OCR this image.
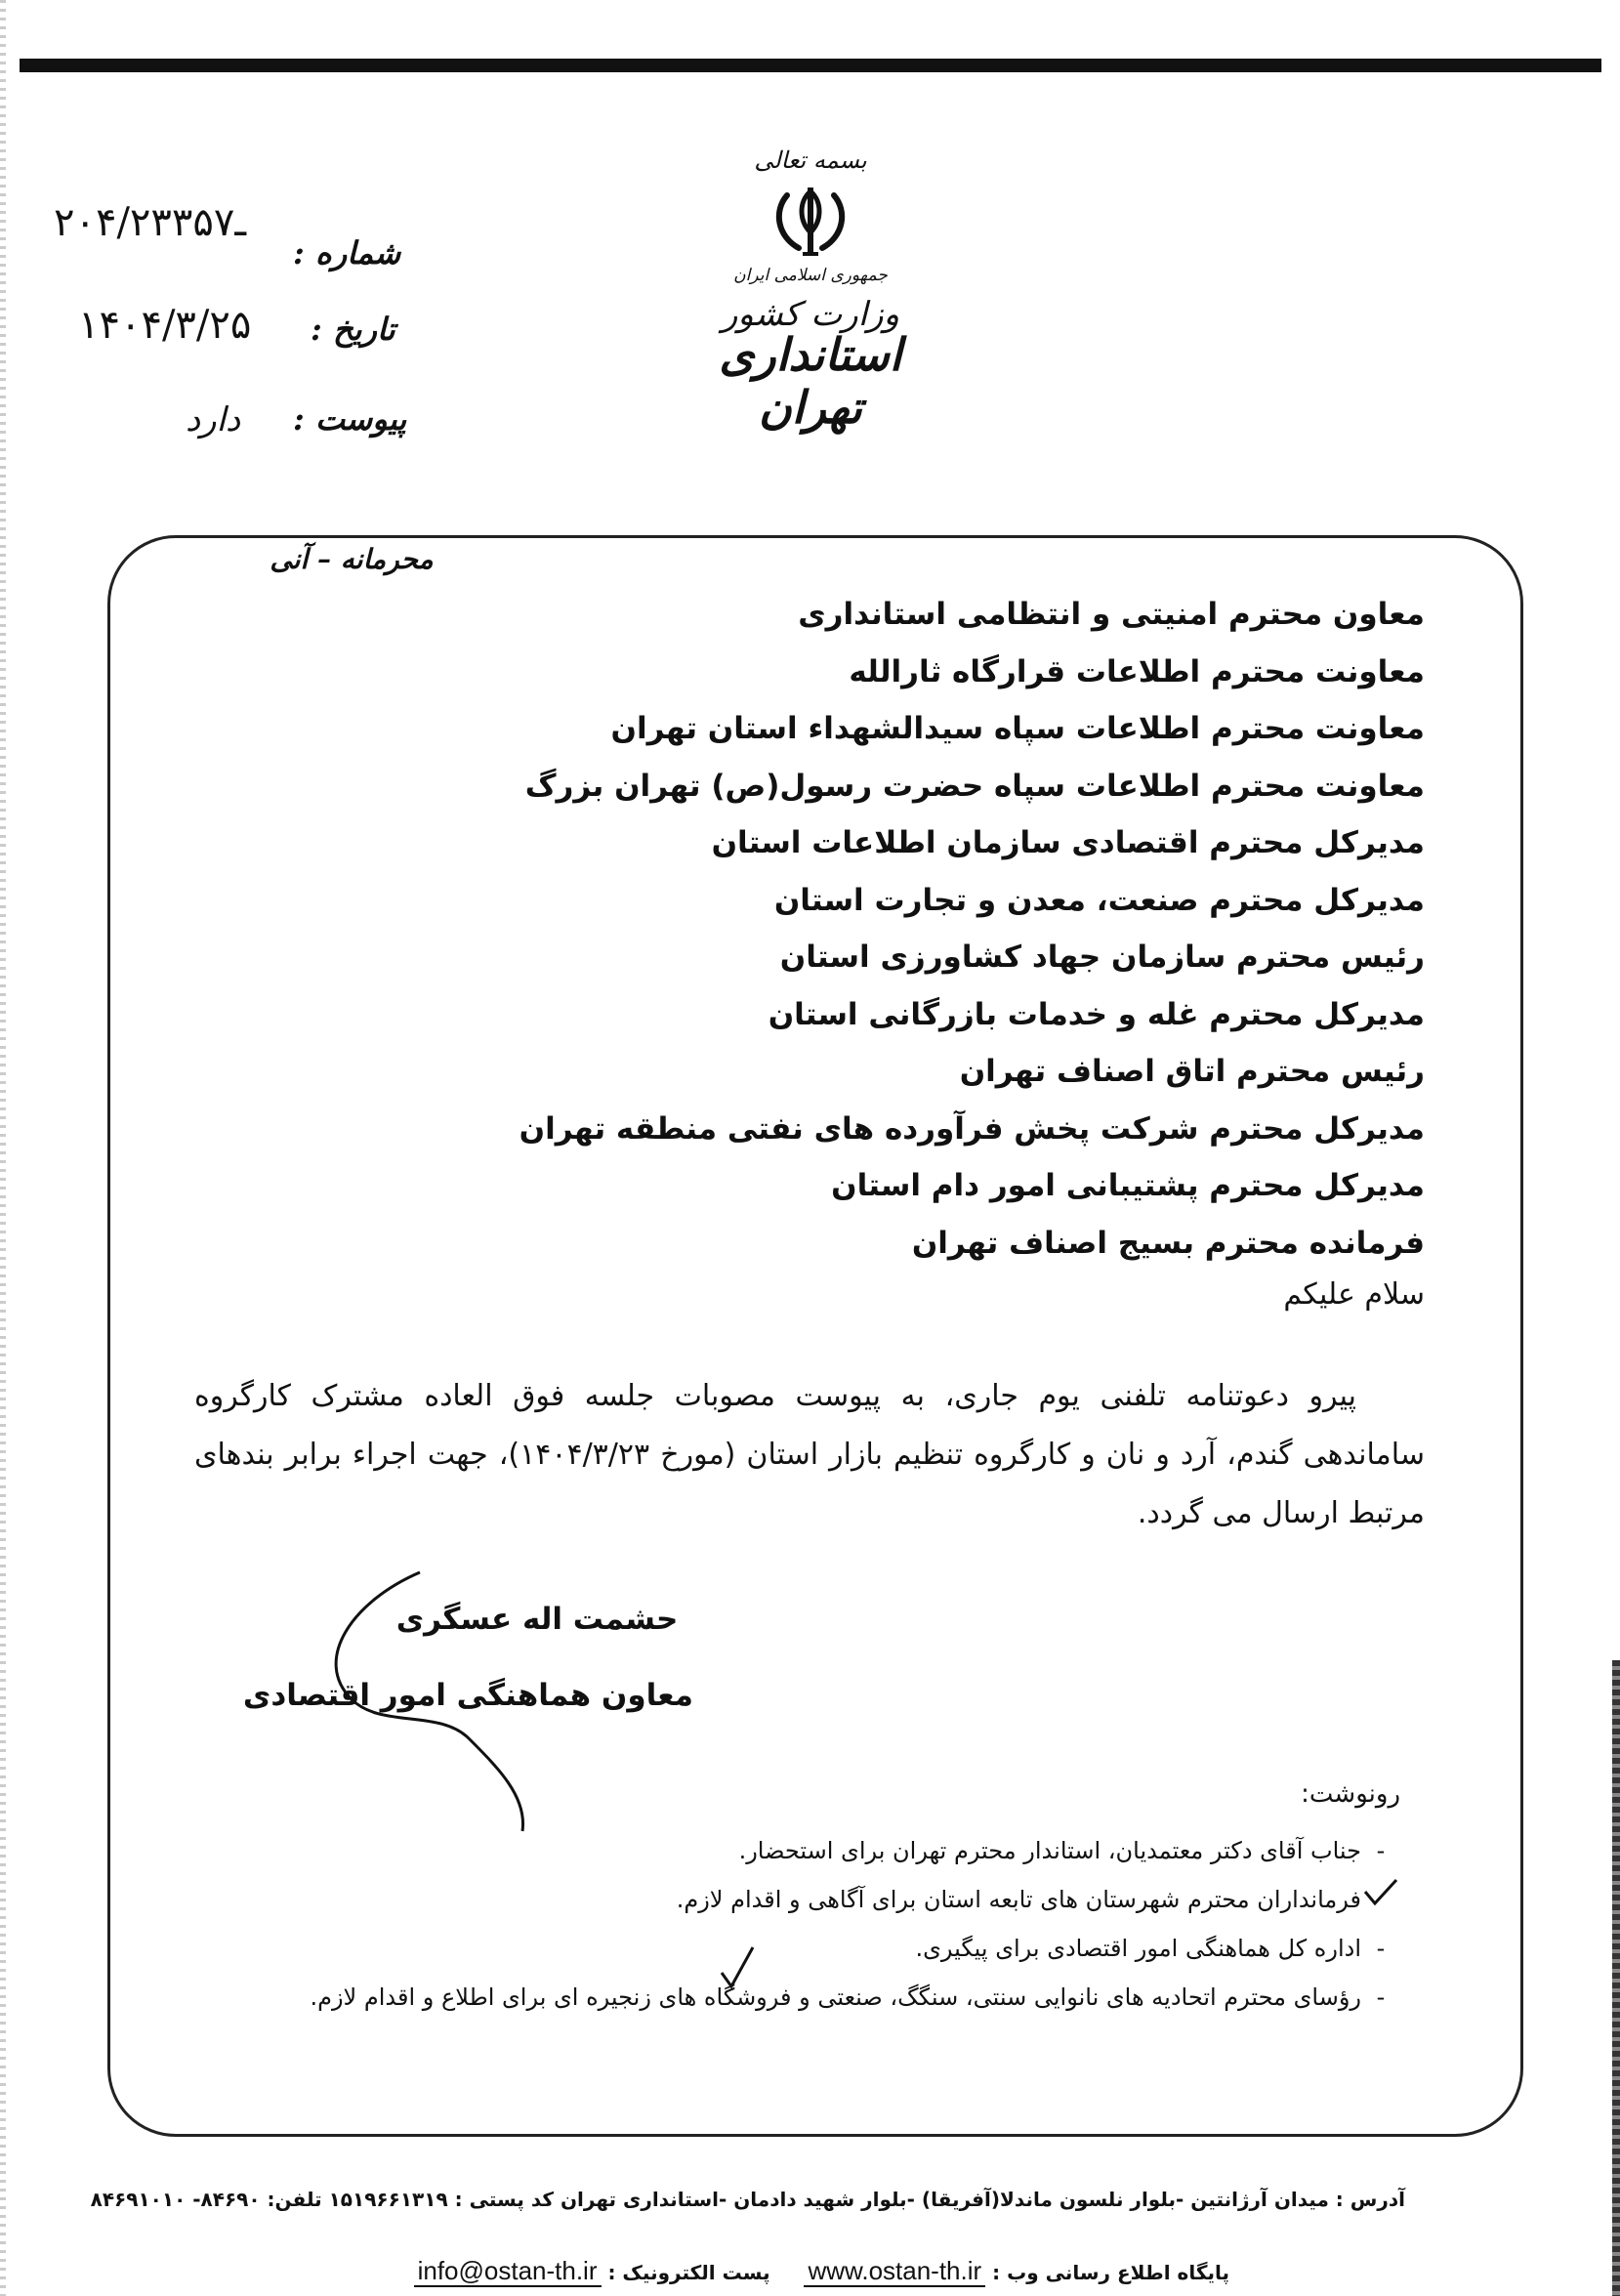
بسمه تعالی
جمهوری اسلامی ایران
وزارت کشور
استانداری تهران
شماره :
۲۰۴/۲ـ۳۳۵۷
تاریخ :
۱۴۰۴/۳/۲۵
پیوست :
دارد
محرمانه – آنی
معاون محترم امنیتی و انتظامی استانداری
معاونت محترم اطلاعات قرارگاه ثارالله
معاونت محترم اطلاعات سپاه سیدالشهداء استان تهران
معاونت محترم اطلاعات سپاه حضرت رسول(ص) تهران بزرگ
مدیرکل محترم اقتصادی سازمان اطلاعات استان
مدیرکل محترم صنعت، معدن و تجارت استان
رئیس محترم سازمان جهاد کشاورزی استان
مدیرکل محترم غله و خدمات بازرگانی استان
رئیس محترم اتاق اصناف تهران
مدیرکل محترم شرکت پخش فرآورده های نفتی منطقه تهران
مدیرکل محترم پشتیبانی امور دام استان
فرمانده محترم بسیج اصناف تهران
سلام علیکم

پیرو دعوتنامه تلفنی یوم جاری، به پیوست مصوبات جلسه فوق العاده مشترک کارگروه ساماندهی گندم، آرد و نان و کارگروه تنظیم بازار استان (مورخ ۱۴۰۴/۳/۲۳)، جهت اجراء برابر بندهای مرتبط ارسال می گردد.

حشمت اله عسگری
معاون هماهنگی امور اقتصادی
رونوشت:
-جناب آقای دکتر معتمدیان، استاندار محترم تهران برای استحضار.
فرمانداران محترم شهرستان های تابعه استان برای آگاهی و اقدام لازم.
-اداره کل هماهنگی امور اقتصادی برای پیگیری.
-رؤسای محترم اتحادیه های نانوایی سنتی، سنگگ، صنعتی و فروشگاه های زنجیره ای برای اطلاع و اقدام لازم.
آدرس : میدان آرژانتین -بلوار نلسون ماندلا(آفریقا) -بلوار شهید دادمان -استانداری تهران کد پستی : ۱۵۱۹۶۶۱۳۱۹ تلفن: ۸۴۶۹۰- ۸۴۶۹۱۰۱۰
پایگاه اطلاع رسانی وب : www.ostan-th.ir     پست الکترونیک : info@ostan-th.ir
